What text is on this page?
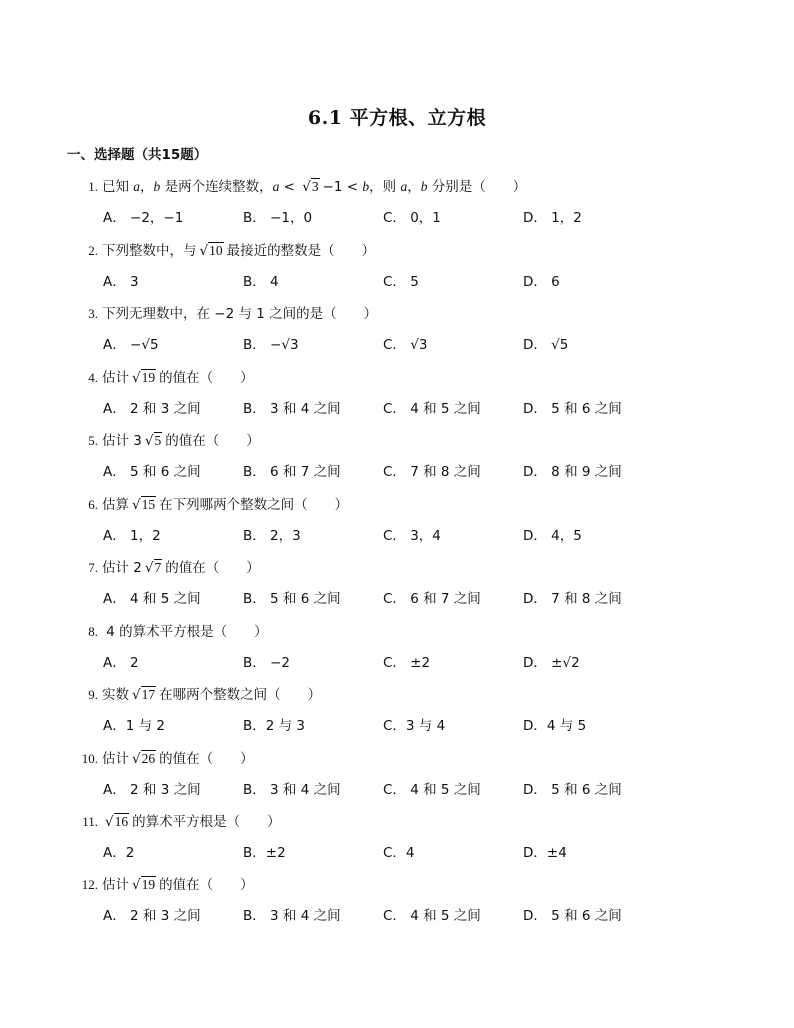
6.1 平方根、立方根
一、选择题（共15题）
1. 已知 a，b 是两个连续整数，a < √3 −1 < b，则 a，b 分别是（　　）
A． −2，−1	B． −1，0	C． 0，1	D． 1，2
2. 下列整数中，与 √10 最接近的整数是（　　）
A． 3	B． 4	C． 5	D． 6
3. 下列无理数中，在 −2 与 1 之间的是（　　）
A． −√5	B． −√3	C． √3	D． √5
4. 估计 √19 的值在（　　）
A． 2 和 3 之间	B． 3 和 4 之间	C． 4 和 5 之间	D． 5 和 6 之间
5. 估计 3 √5 的值在（　　）
A． 5 和 6 之间	B． 6 和 7 之间	C． 7 和 8 之间	D． 8 和 9 之间
6. 估算 √15 在下列哪两个整数之间（　　）
A． 1，2	B． 2，3	C． 3，4	D． 4，5
7. 估计 2 √7 的值在（　　）
A． 4 和 5 之间	B． 5 和 6 之间	C． 6 和 7 之间	D． 7 和 8 之间
8. 4 的算术平方根是（　　）
A． 2	B． −2	C． ±2	D． ±√2
9. 实数 √17 在哪两个整数之间（　　）
A．1 与 2	B．2 与 3	C．3 与 4	D．4 与 5
10. 估计 √26 的值在（　　）
A． 2 和 3 之间	B． 3 和 4 之间	C． 4 和 5 之间	D． 5 和 6 之间
11. √16 的算术平方根是（　　）
A．2	B．±2	C．4	D．±4
12. 估计 √19 的值在（　　）
A． 2 和 3 之间	B． 3 和 4 之间	C． 4 和 5 之间	D． 5 和 6 之间
